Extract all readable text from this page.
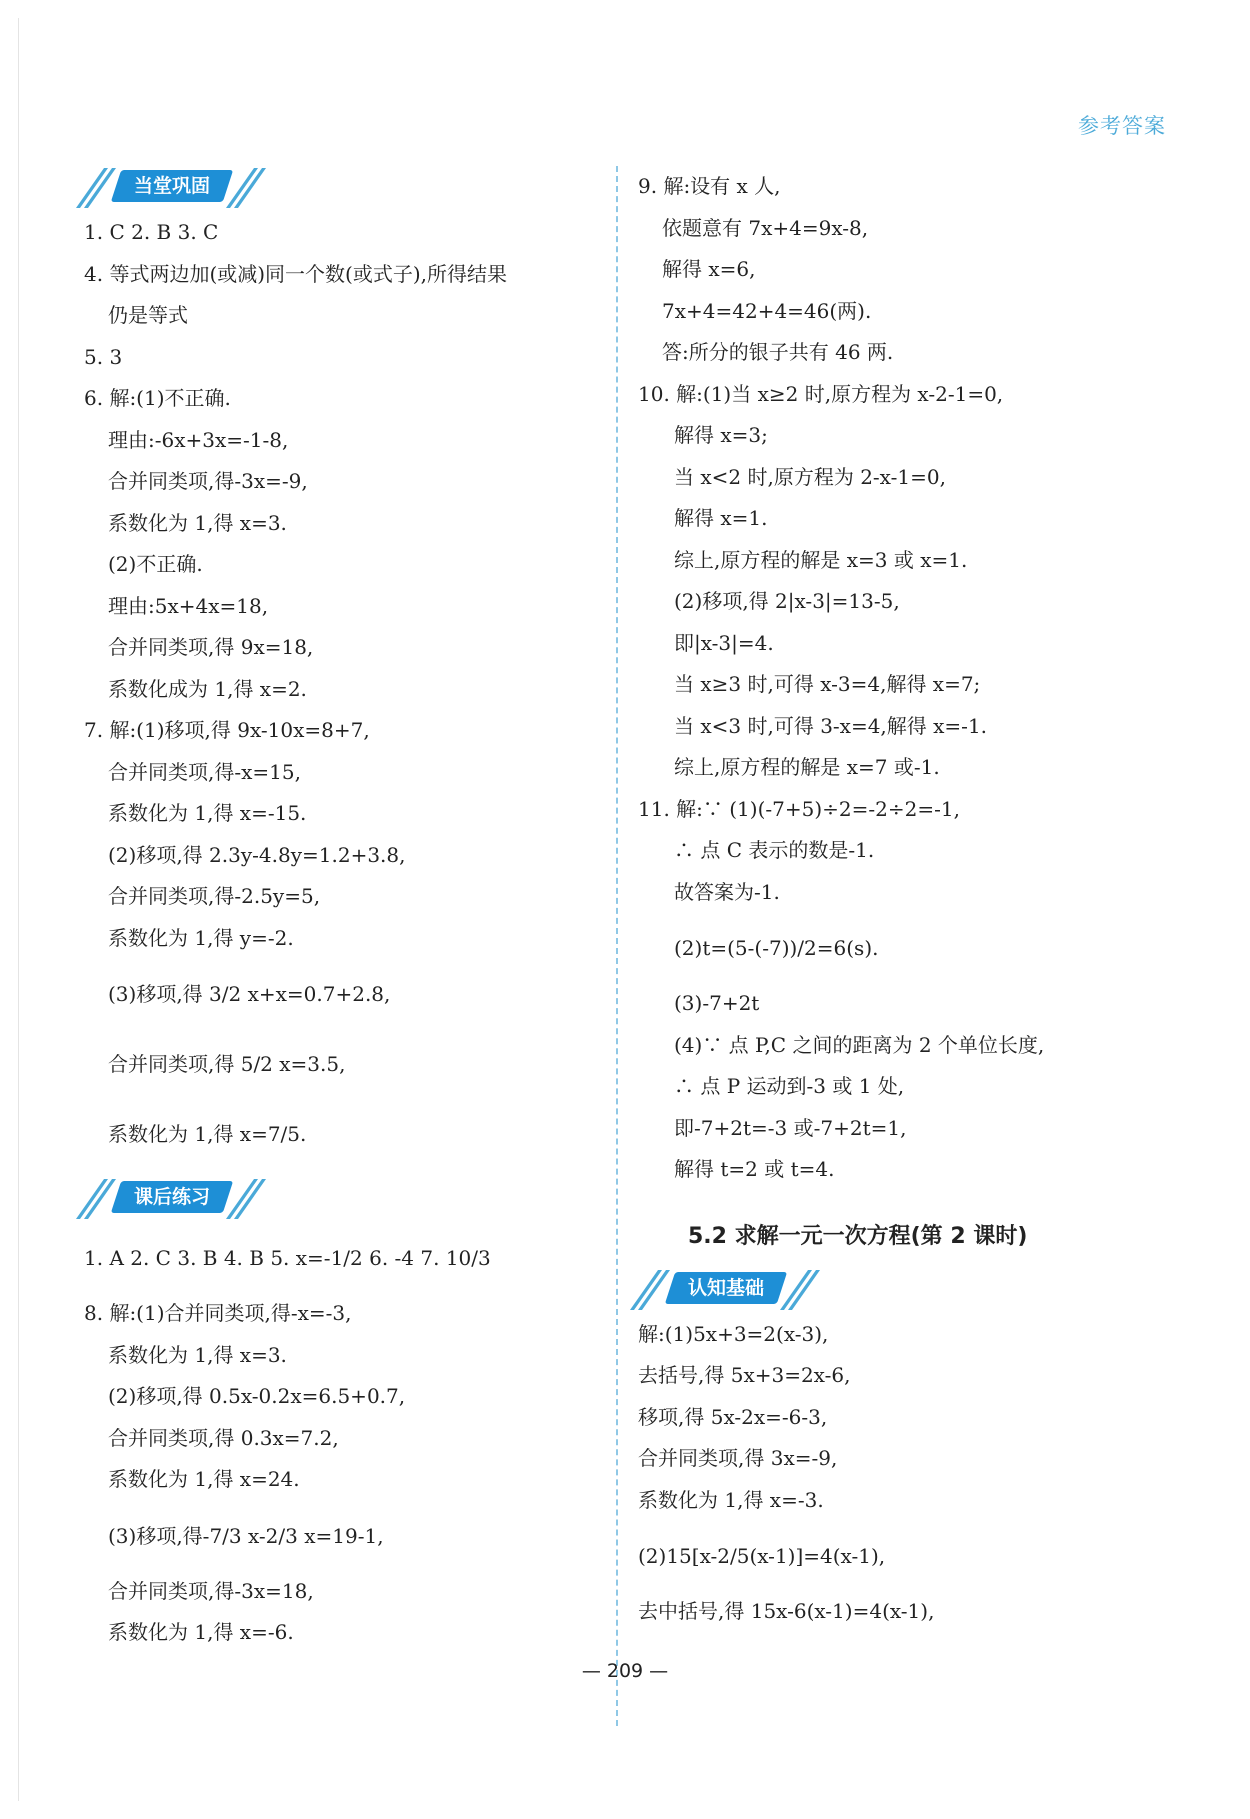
参考答案
当堂巩固
1. C 2. B 3. C
4. 等式两边加(或减)同一个数(或式子),所得结果
仍是等式
5. 3
6. 解:(1)不正确.
理由:-6x+3x=-1-8,
合并同类项,得-3x=-9,
系数化为 1,得 x=3.
(2)不正确.
理由:5x+4x=18,
合并同类项,得 9x=18,
系数化成为 1,得 x=2.
7. 解:(1)移项,得 9x-10x=8+7,
合并同类项,得-x=15,
系数化为 1,得 x=-15.
(2)移项,得 2.3y-4.8y=1.2+3.8,
合并同类项,得-2.5y=5,
系数化为 1,得 y=-2.
(3)移项,得 3/2 x+x=0.7+2.8,
合并同类项,得 5/2 x=3.5,
系数化为 1,得 x=7/5.
课后练习
1. A 2. C 3. B 4. B 5. x=-1/2 6. -4 7. 10/3
8. 解:(1)合并同类项,得-x=-3,
系数化为 1,得 x=3.
(2)移项,得 0.5x-0.2x=6.5+0.7,
合并同类项,得 0.3x=7.2,
系数化为 1,得 x=24.
(3)移项,得-7/3 x-2/3 x=19-1,
合并同类项,得-3x=18,
系数化为 1,得 x=-6.
9. 解:设有 x 人,
依题意有 7x+4=9x-8,
解得 x=6,
7x+4=42+4=46(两).
答:所分的银子共有 46 两.
10. 解:(1)当 x≥2 时,原方程为 x-2-1=0,
解得 x=3;
当 x<2 时,原方程为 2-x-1=0,
解得 x=1.
综上,原方程的解是 x=3 或 x=1.
(2)移项,得 2|x-3|=13-5,
即|x-3|=4.
当 x≥3 时,可得 x-3=4,解得 x=7;
当 x<3 时,可得 3-x=4,解得 x=-1.
综上,原方程的解是 x=7 或-1.
11. 解:∵ (1)(-7+5)÷2=-2÷2=-1,
∴ 点 C 表示的数是-1.
故答案为-1.
(2)t=(5-(-7))/2=6(s).
(3)-7+2t
(4)∵ 点 P,C 之间的距离为 2 个单位长度,
∴ 点 P 运动到-3 或 1 处,
即-7+2t=-3 或-7+2t=1,
解得 t=2 或 t=4.
5.2 求解一元一次方程(第 2 课时)
认知基础
解:(1)5x+3=2(x-3),
去括号,得 5x+3=2x-6,
移项,得 5x-2x=-6-3,
合并同类项,得 3x=-9,
系数化为 1,得 x=-3.
(2)15[x-2/5(x-1)]=4(x-1),
去中括号,得 15x-6(x-1)=4(x-1),
— 209 —
